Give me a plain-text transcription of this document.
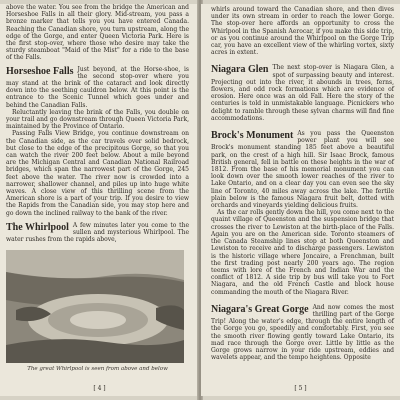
above the water. You see from the bridge the American and Horseshoe Falls in all their glory. Mid-stream, you pass a bronze marker that tells you you have entered Canada. Reaching the Canadian shore, you turn upstream, along the edge of the Gorge, and enter Queen Victoria Park. Here is the first stop-over, where those who desire may take the sturdy steamboat "Maid of the Mist" for a ride to the base of the Falls.

Horseshoe Falls Just beyond, at the Horse-shoe, is the second stop-over where you may stand at the brink of the cataract and look directly down into the seething cauldron below. At this point is the entrance to the Scenic Tunnel which goes under and behind the Canadian Falls.

Reluctantly leaving the brink of the Falls, you double on your trail and go downstream through Queen Victoria Park, maintained by the Province of Ontario.

Passing Falls View Bridge, you continue downstream on the Canadian side, as the car travels over solid bedrock, but close to the edge of the precipitous Gorge, so that you can watch the river 200 feet below. About a mile beyond are the Michigan Central and Canadian National Railroad bridges, which span the narrowest part of the Gorge, 245 feet above the water. The river now is crowded into a narrower, shallower channel, and piles up into huge white waves. A close view of this thrilling scene from the American shore is a part of your trip. If you desire to view the Rapids from the Canadian side, you may stop here and go down the inclined railway to the bank of the river.

The Whirlpool A few minutes later you come to the sullen and mysterious Whirlpool. The water rushes from the rapids above,

The great Whirlpool is seen from above and below
[ 4 ]

whirls around toward the Canadian shore, and then dives under its own stream in order to reach the lower Gorge. The stop-over here affords an opportunity to cross the Whirlpool in the Spanish Aerocar, if you make this side trip, or as you continue around the Whirlpool on the Gorge Trip car, you have an excellent view of the whirling vortex, sixty acres in extent.

Niagara Glen The next stop-over is Niagara Glen, a spot of surpassing beauty and interest. Projecting out into the river, it abounds in trees, ferns, flowers, and odd rock formations which are evidence of erosion. Here once was an old Fall. Here the story of the centuries is told in unmistakable language. Picnickers who delight to ramble through these sylvan charms will find fine accommodations.

Brock's Monument As you pass the Queenston power plant you will see Brock's monument standing 185 feet above a beautiful park, on the crest of a high hill. Sir Isaac Brock, famous British general, fell in battle on these heights in the war of 1812. From the base of his memorial monument you can look down over the smooth lower reaches of the river to Lake Ontario, and on a clear day you can even see the sky line of Toronto, 40 miles away across the lake. The fertile plain below is the famous Niagara fruit belt, dotted with orchards and vineyards yielding delicious fruits.

As the car rolls gently down the hill, you come next to the quaint village of Queenston and the suspension bridge that crosses the river to Lewiston at the birth-place of the Falls. Again you are on the American side. Toronto steamers of the Canada Steamship lines stop at both Queenston and Lewiston to receive and to discharge passengers. Lewiston is the historic village where Joncaire, a Frenchman, built the first trading post nearly 200 years ago. The region teems with lore of the French and Indian War and the conflict of 1812. A side trip by bus will take you to Fort Niagara, and the old French Castle and block house commanding the mouth of the Niagara River.

Niagara's Great Gorge And now comes the most thrilling part of the Gorge Trip! Along the water's edge, through the entire length of the Gorge you go, speedily and comfortably. First, you see the smooth river flowing gently toward Lake Ontario, its mad race through the Gorge over. Little by little as the Gorge grows narrow in your ride upstream, eddies and wavelets appear, and the tempo heightens. Opposite

[ 5 ]
